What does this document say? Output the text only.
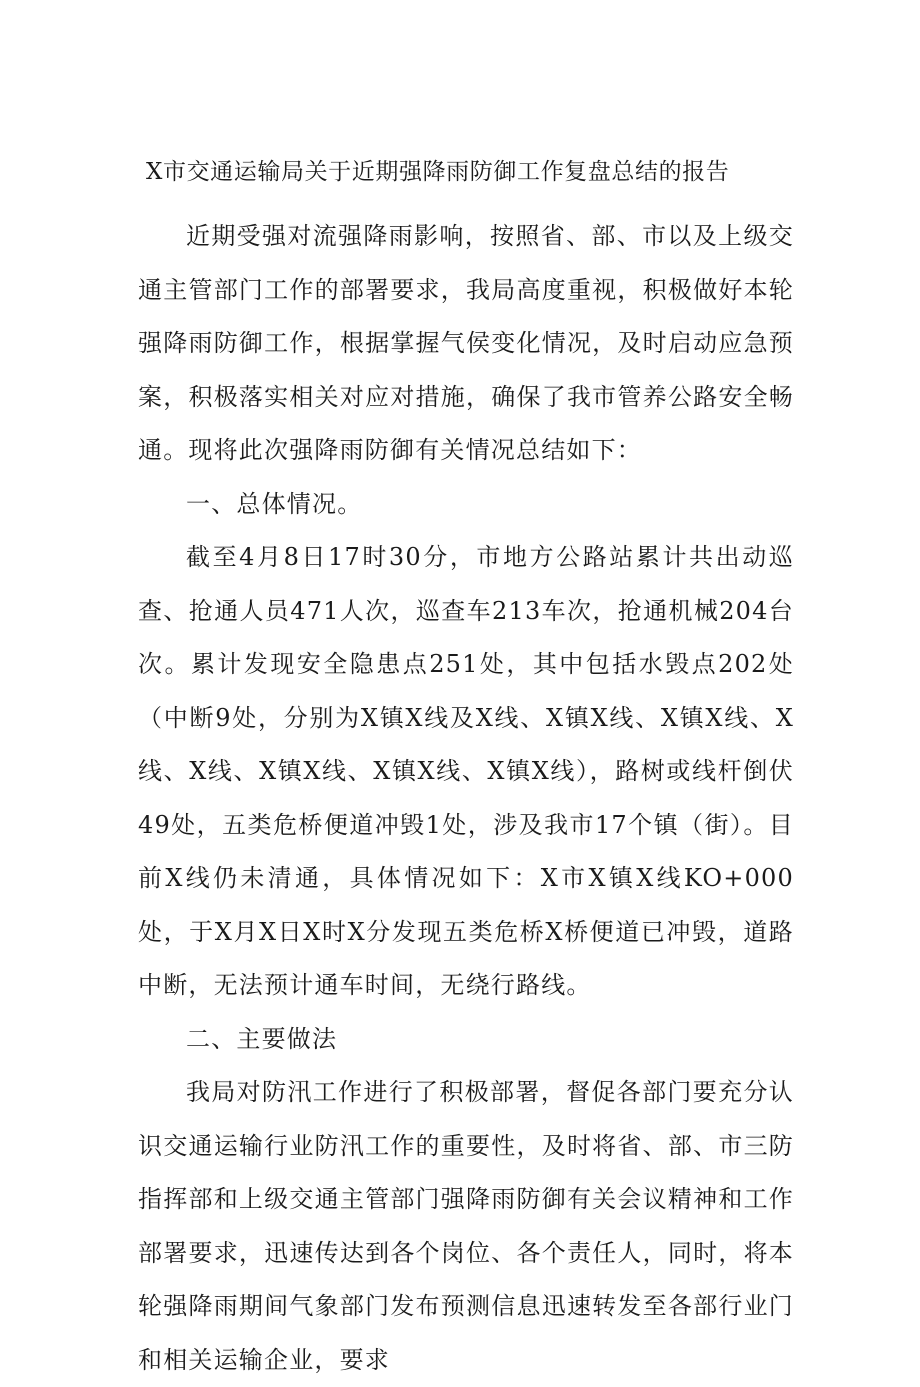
X市交通运输局关于近期强降雨防御工作复盘总结的报告

近期受强对流强降雨影响，按照省、部、市以及上级交通主管部门工作的部署要求，我局高度重视，积极做好本轮强降雨防御工作，根据掌握气侯变化情况，及时启动应急预案，积极落实相关对应对措施，确保了我市管养公路安全畅通。现将此次强降雨防御有关情况总结如下：

一、总体情况。

截至4月8日17时30分，市地方公路站累计共出动巡查、抢通人员471人次，巡查车213车次，抢通机械204台次。累计发现安全隐患点251处，其中包括水毁点202处（中断9处，分别为X镇X线及X线、X镇X线、X镇X线、X线、X线、X镇X线、X镇X线、X镇X线），路树或线杆倒伏49处，五类危桥便道冲毁1处，涉及我市17个镇（街）。目前X线仍未清通，具体情况如下：X市X镇X线KO+000处，于X月X日X时X分发现五类危桥X桥便道已冲毁，道路中断，无法预计通车时间，无绕行路线。

二、主要做法

我局对防汛工作进行了积极部署，督促各部门要充分认识交通运输行业防汛工作的重要性，及时将省、部、市三防指挥部和上级交通主管部门强降雨防御有关会议精神和工作部署要求，迅速传达到各个岗位、各个责任人，同时，将本轮强降雨期间气象部门发布预测信息迅速转发至各部行业门和相关运输企业，要求
